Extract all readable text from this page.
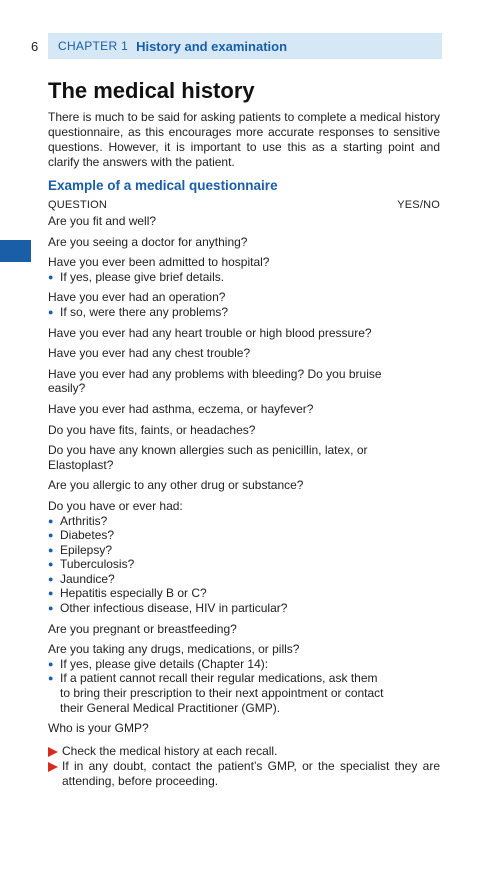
6 CHAPTER 1 History and examination
The medical history

There is much to be said for asking patients to complete a medical history questionnaire, as this encourages more accurate responses to sensitive questions. However, it is important to use this as a starting point and clarify the answers with the patient.

Example of a medical questionnaire
QUESTION	YES/NO
Are you fit and well?
Are you seeing a doctor for anything?
Have you ever been admitted to hospital?
● If yes, please give brief details.
Have you ever had an operation?
● If so, were there any problems?
Have you ever had any heart trouble or high blood pressure?
Have you ever had any chest trouble?
Have you ever had any problems with bleeding? Do you bruise easily?
Have you ever had asthma, eczema, or hayfever?
Do you have fits, faints, or headaches?
Do you have any known allergies such as penicillin, latex, or Elastoplast?
Are you allergic to any other drug or substance?
Do you have or ever had:
● Arthritis?
● Diabetes?
● Epilepsy?
● Tuberculosis?
● Jaundice?
● Hepatitis especially B or C?
● Other infectious disease, HIV in particular?
Are you pregnant or breastfeeding?
Are you taking any drugs, medications, or pills?
● If yes, please give details (Chapter 14):
● If a patient cannot recall their regular medications, ask them to bring their prescription to their next appointment or contact their General Medical Practitioner (GMP).
Who is your GMP?
Check the medical history at each recall.
If in any doubt, contact the patient’s GMP, or the specialist they are attending, before proceeding.
